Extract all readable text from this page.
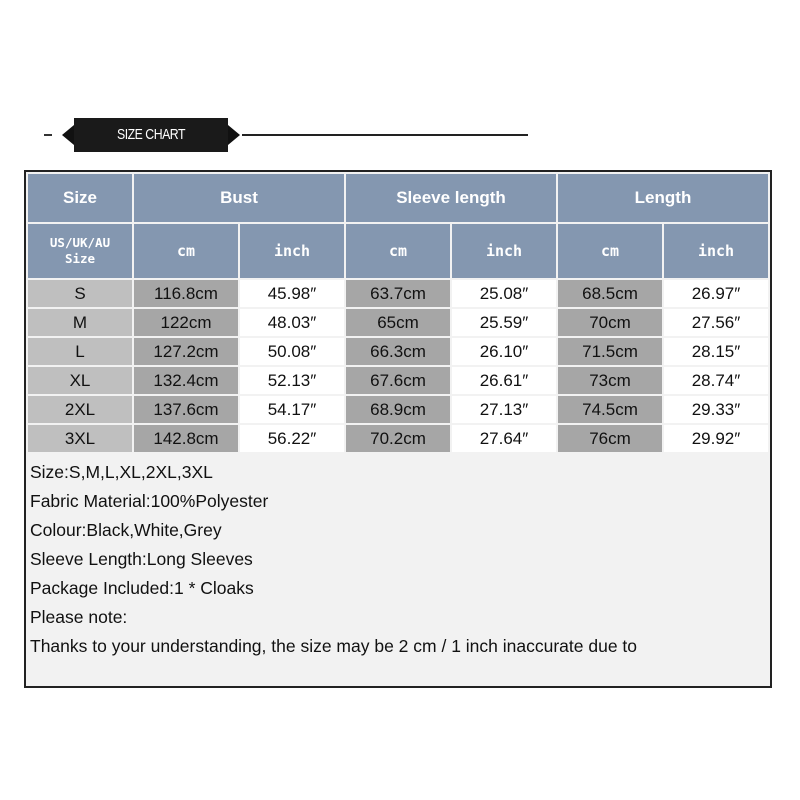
SIZE CHART
Size	Bust		Sleeve length		Length	

US/UK/AU
Size	cm	inch	cm	inch	cm	inch
S	116.8cm	45.98″	63.7cm	25.08″	68.5cm	26.97″
M	122cm	48.03″	65cm	25.59″	70cm	27.56″
L	127.2cm	50.08″	66.3cm	26.10″	71.5cm	28.15″
XL	132.4cm	52.13″	67.6cm	26.61″	73cm	28.74″
2XL	137.6cm	54.17″	68.9cm	27.13″	74.5cm	29.33″
3XL	142.8cm	56.22″	70.2cm	27.64″	76cm	29.92″
Size:S,M,L,XL,2XL,3XL
Fabric Material:100%Polyester
Colour:Black,White,Grey
Sleeve Length:Long Sleeves
Package Included:1 * Cloaks
Please note:
Thanks to your understanding, the size may be 2 cm / 1 inch inaccurate due to
